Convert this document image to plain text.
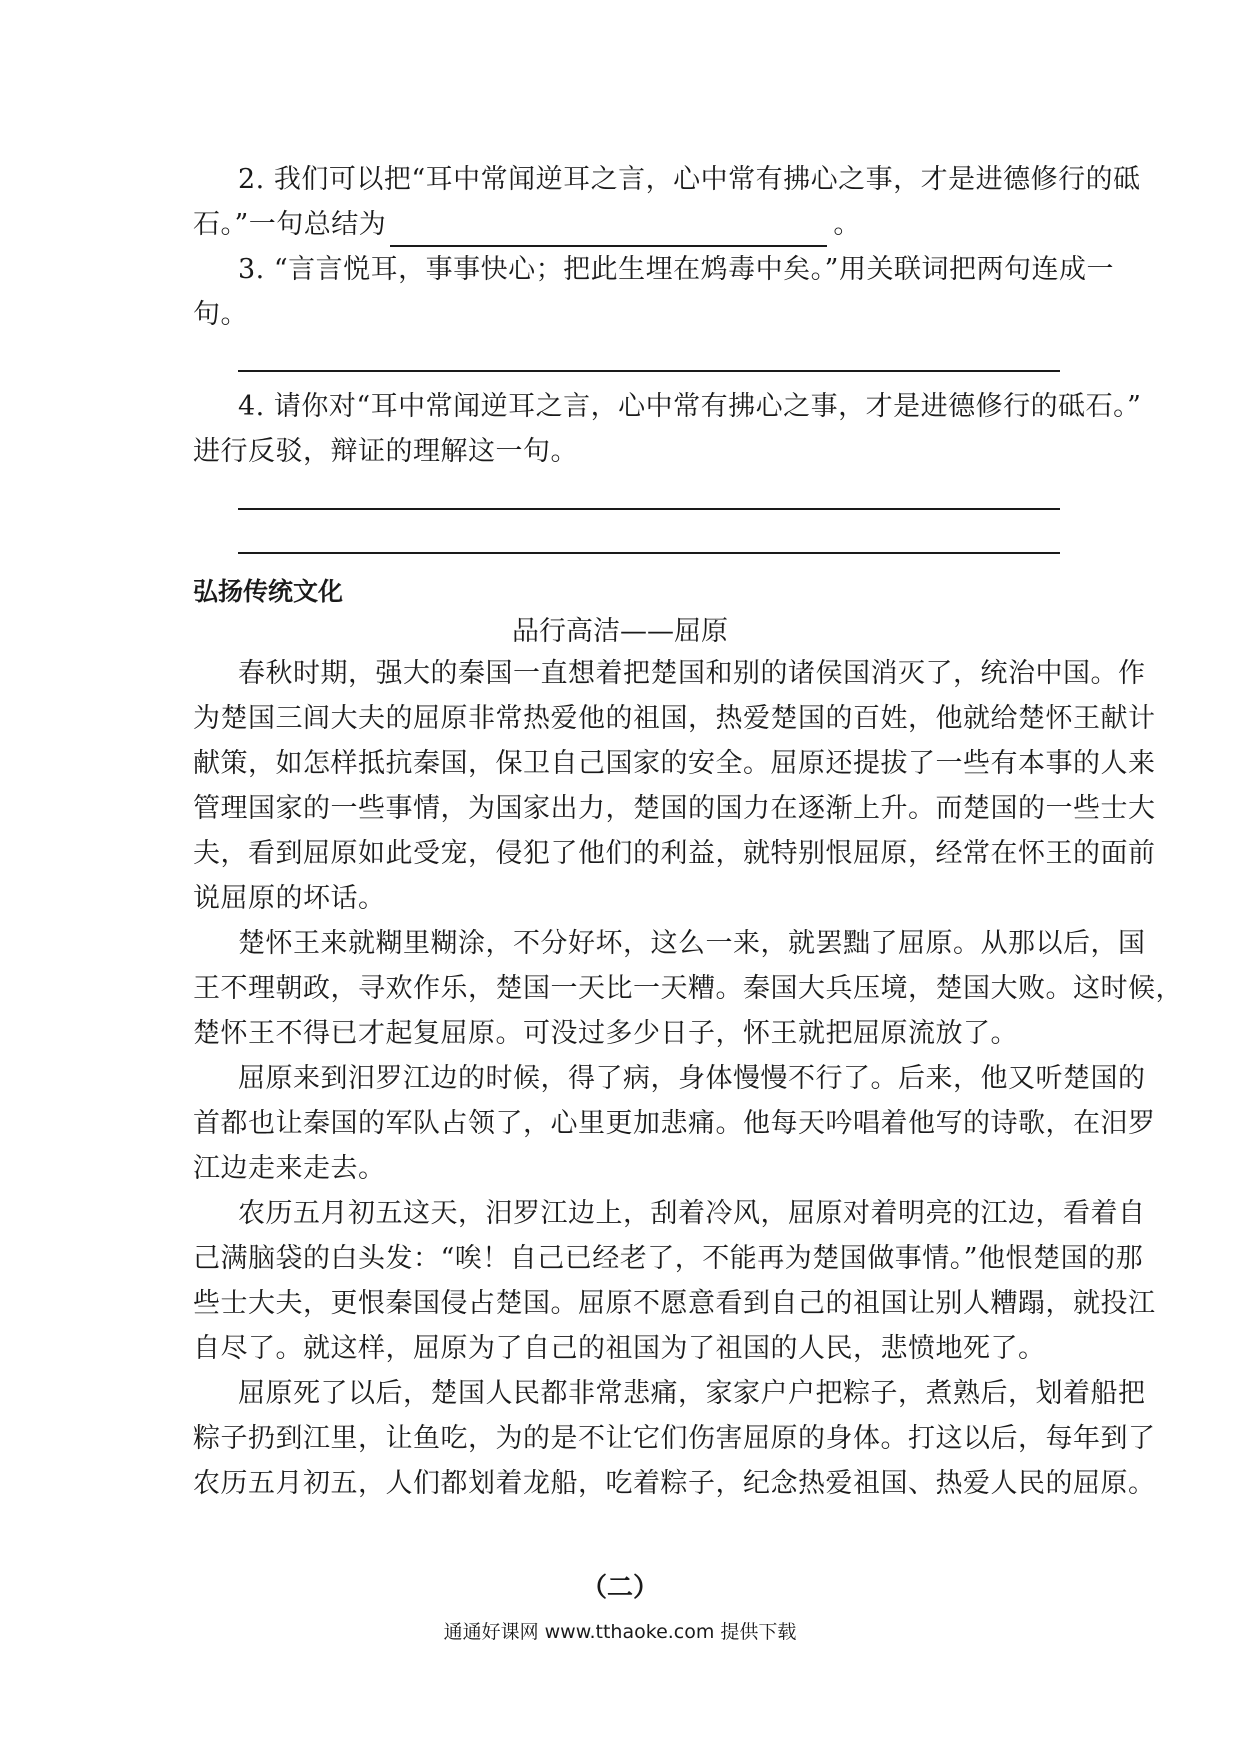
2. 我们可以把“耳中常闻逆耳之言，心中常有拂心之事，才是进德修行的砥
石。”一句总结为	。
3. “言言悦耳，事事快心；把此生埋在鸩毒中矣。”用关联词把两句连成一
句。
4. 请你对“耳中常闻逆耳之言，心中常有拂心之事，才是进德修行的砥石。”
进行反驳，辩证的理解这一句。
弘扬传统文化
品行高洁——屈原
春秋时期，强大的秦国一直想着把楚国和别的诸侯国消灭了，统治中国。作
为楚国三闾大夫的屈原非常热爱他的祖国，热爱楚国的百姓，他就给楚怀王献计
献策，如怎样抵抗秦国，保卫自己国家的安全。屈原还提拔了一些有本事的人来
管理国家的一些事情，为国家出力，楚国的国力在逐渐上升。而楚国的一些士大
夫，看到屈原如此受宠，侵犯了他们的利益，就特别恨屈原，经常在怀王的面前
说屈原的坏话。
楚怀王来就糊里糊涂，不分好坏，这么一来，就罢黜了屈原。从那以后，国
王不理朝政，寻欢作乐，楚国一天比一天糟。秦国大兵压境，楚国大败。这时候，
楚怀王不得已才起复屈原。可没过多少日子，怀王就把屈原流放了。
屈原来到汨罗江边的时候，得了病，身体慢慢不行了。后来，他又听楚国的
首都也让秦国的军队占领了，心里更加悲痛。他每天吟唱着他写的诗歌，在汨罗
江边走来走去。
农历五月初五这天，汨罗江边上，刮着冷风，屈原对着明亮的江边，看着自
己满脑袋的白头发：“唉！自己已经老了，不能再为楚国做事情。”他恨楚国的那
些士大夫，更恨秦国侵占楚国。屈原不愿意看到自己的祖国让别人糟蹋，就投江
自尽了。就这样，屈原为了自己的祖国为了祖国的人民，悲愤地死了。
屈原死了以后，楚国人民都非常悲痛，家家户户把粽子，煮熟后，划着船把
粽子扔到江里，让鱼吃，为的是不让它们伤害屈原的身体。打这以后，每年到了
农历五月初五，人们都划着龙船，吃着粽子，纪念热爱祖国、热爱人民的屈原。
（二）
通通好课网 www.tthaoke.com 提供下载
